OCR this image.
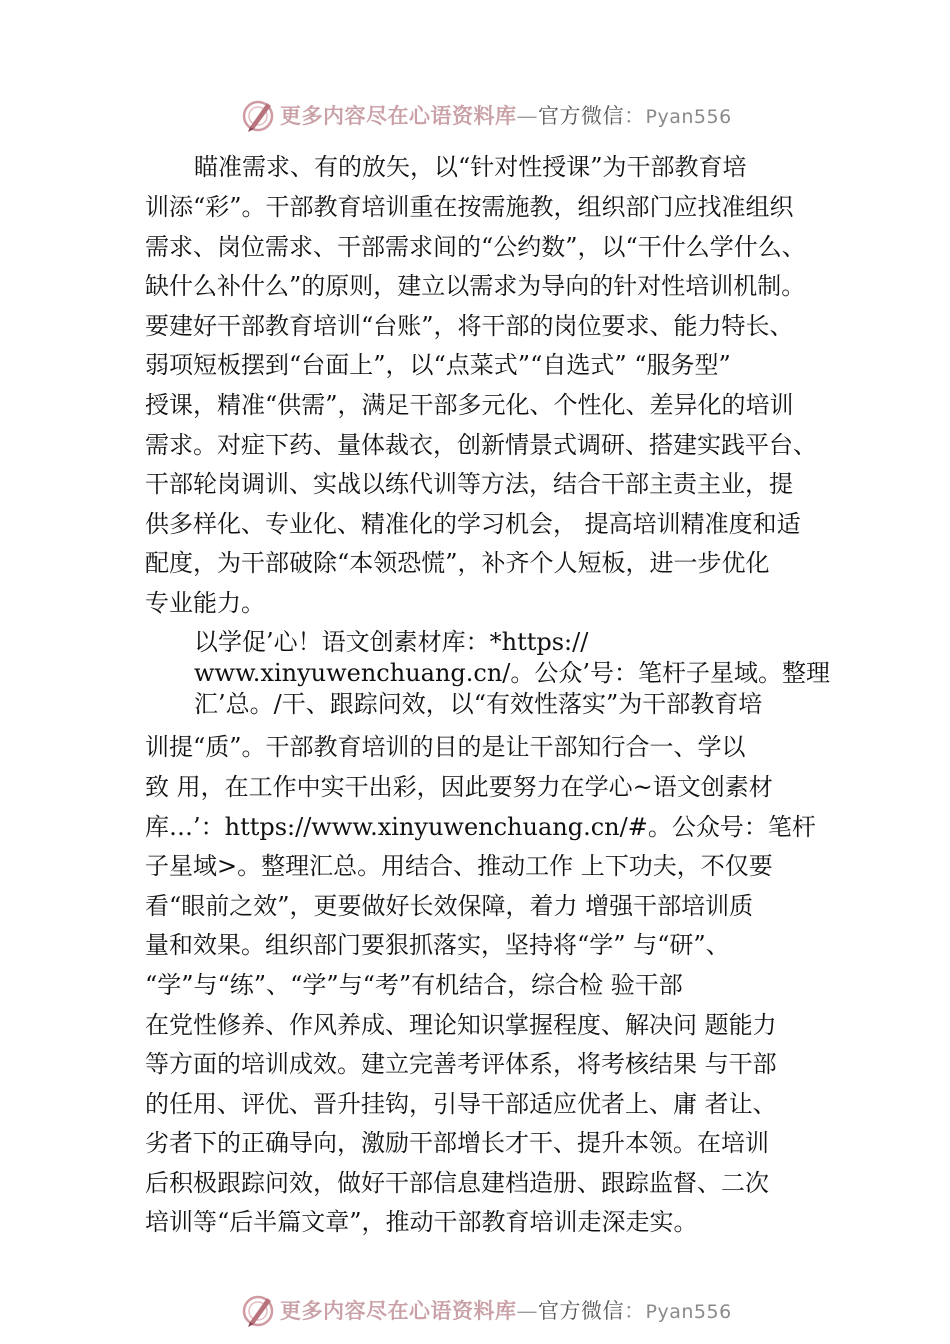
更多内容尽在心语资料库—官方微信：Pyan556
瞄准需求、有的放矢，以“针对性授课”为干部教育培
训添“彩”。干部教育培训重在按需施教，组织部门应找准组织
需求、岗位需求、干部需求间的“公约数”，以“干什么学什么、
缺什么补什么”的原则，建立以需求为导向的针对性培训机制。
要建好干部教育培训“台账”，将干部的岗位要求、能力特长、
弱项短板摆到“台面上”，以“点菜式”“自选式” “服务型”
授课，精准“供需”，满足干部多元化、个性化、差异化的培训
需求。对症下药、量体裁衣，创新情景式调研、搭建实践平台、
干部轮岗调训、实战以练代训等方法，结合干部主责主业，提
供多样化、专业化、精准化的学习机会， 提高培训精准度和适
配度，为干部破除“本领恐慌”，补齐个人短板，进一步优化
专业能力。
以学促’心！语文创素材库：*https://
www.xinyuwenchuang.cn/。公众’号：笔杆子星域。整理
汇’总。/干、跟踪问效，以“有效性落实”为干部教育培
训提“质”。干部教育培训的目的是让干部知行合一、学以
致 用，在工作中实干出彩，因此要努力在学心~语文创素材
库…’：https://www.xinyuwenchuang.cn/#。公众号：笔杆
子星域>。整理汇总。用结合、推动工作 上下功夫，不仅要
看“眼前之效”，更要做好长效保障，着力 增强干部培训质
量和效果。组织部门要狠抓落实，坚持将“学” 与“研”、
“学”与“练”、“学”与“考”有机结合，综合检 验干部
在党性修养、作风养成、理论知识掌握程度、解决问 题能力
等方面的培训成效。建立完善考评体系，将考核结果 与干部
的任用、评优、晋升挂钩，引导干部适应优者上、庸 者让、
劣者下的正确导向，激励干部增长才干、提升本领。在培训
后积极跟踪问效，做好干部信息建档造册、跟踪监督、二次
培训等“后半篇文章”，推动干部教育培训走深走实。
更多内容尽在心语资料库—官方微信：Pyan556
